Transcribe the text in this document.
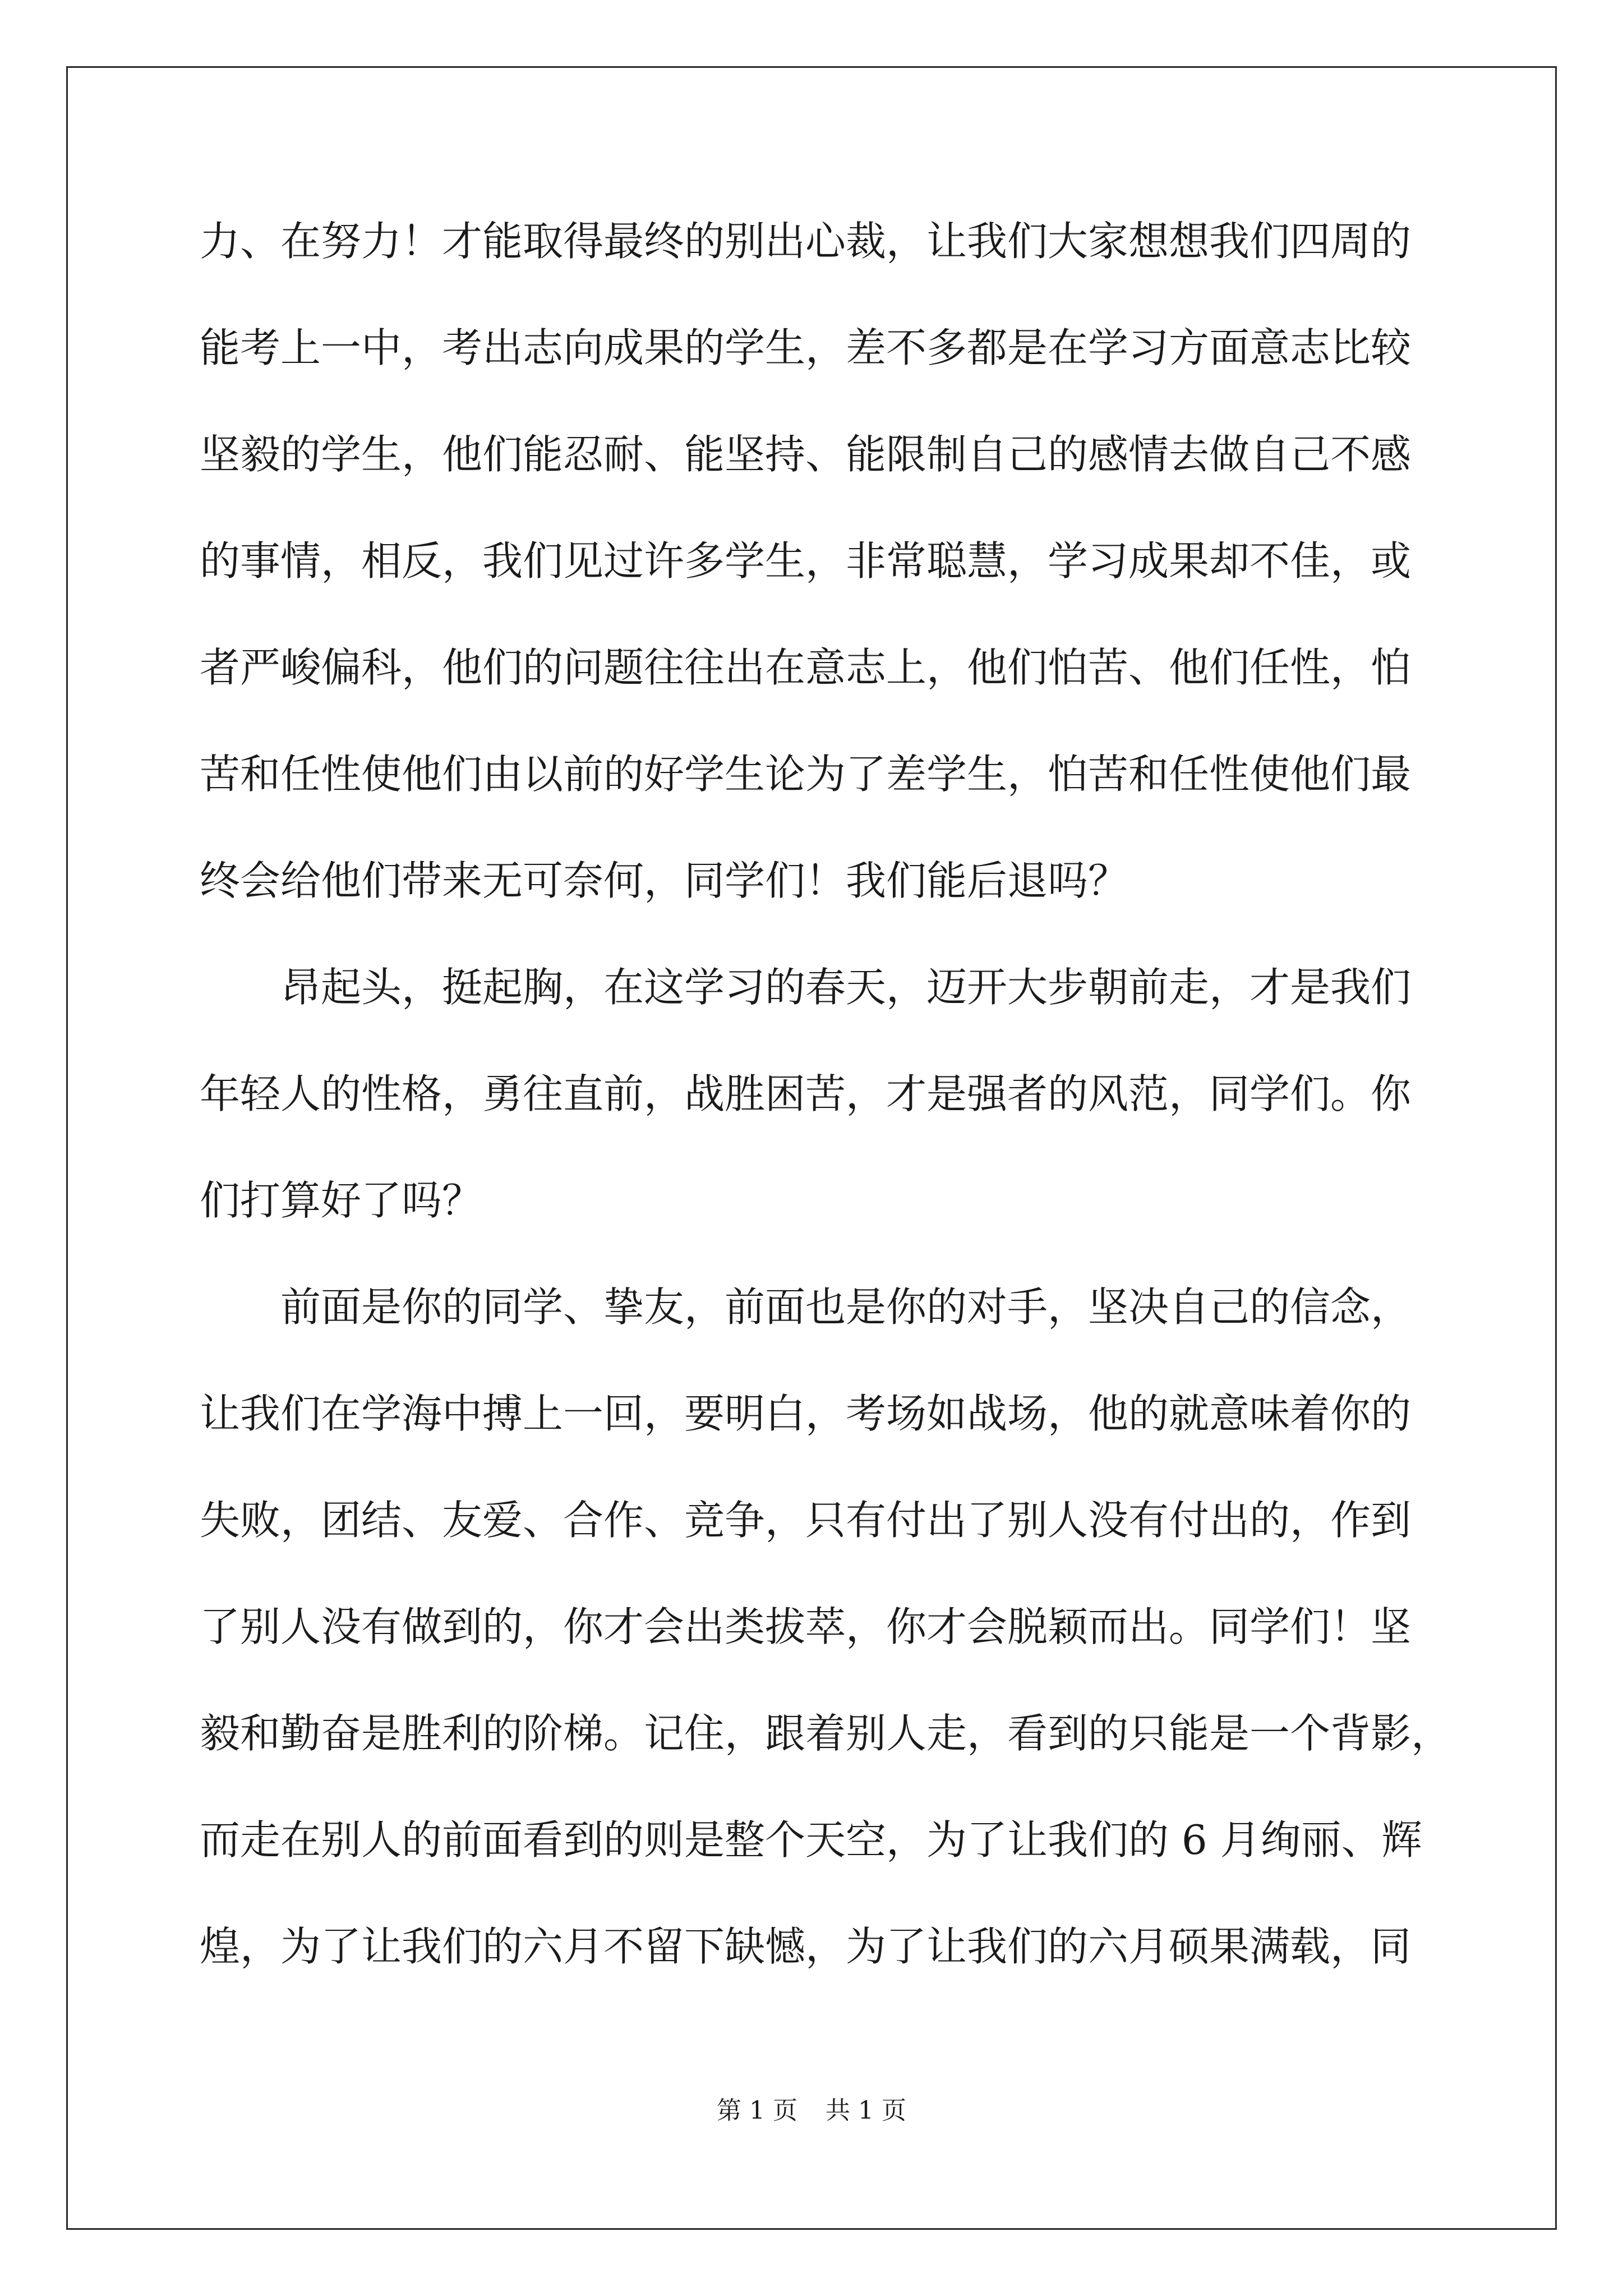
力、在努力！才能取得最终的别出心裁，让我们大家想想我们四周的
能考上一中，考出志向成果的学生，差不多都是在学习方面意志比较
坚毅的学生，他们能忍耐、能坚持、能限制自己的感情去做自己不感
的事情，相反，我们见过许多学生，非常聪慧，学习成果却不佳，或
者严峻偏科，他们的问题往往出在意志上，他们怕苦、他们任性，怕
苦和任性使他们由以前的好学生论为了差学生，怕苦和任性使他们最
终会给他们带来无可奈何，同学们！我们能后退吗？
昂起头，挺起胸，在这学习的春天，迈开大步朝前走，才是我们
年轻人的性格，勇往直前，战胜困苦，才是强者的风范，同学们。你
们打算好了吗？
前面是你的同学、挚友，前面也是你的对手，坚决自己的信念，
让我们在学海中搏上一回，要明白，考场如战场，他的就意味着你的
失败，团结、友爱、合作、竞争，只有付出了别人没有付出的，作到
了别人没有做到的，你才会出类拔萃，你才会脱颖而出。同学们！坚
毅和勤奋是胜利的阶梯。记住，跟着别人走，看到的只能是一个背影，
而走在别人的前面看到的则是整个天空，为了让我们的 6 月绚丽、辉
煌，为了让我们的六月不留下缺憾，为了让我们的六月硕果满载，同
第 1 页 共 1 页
